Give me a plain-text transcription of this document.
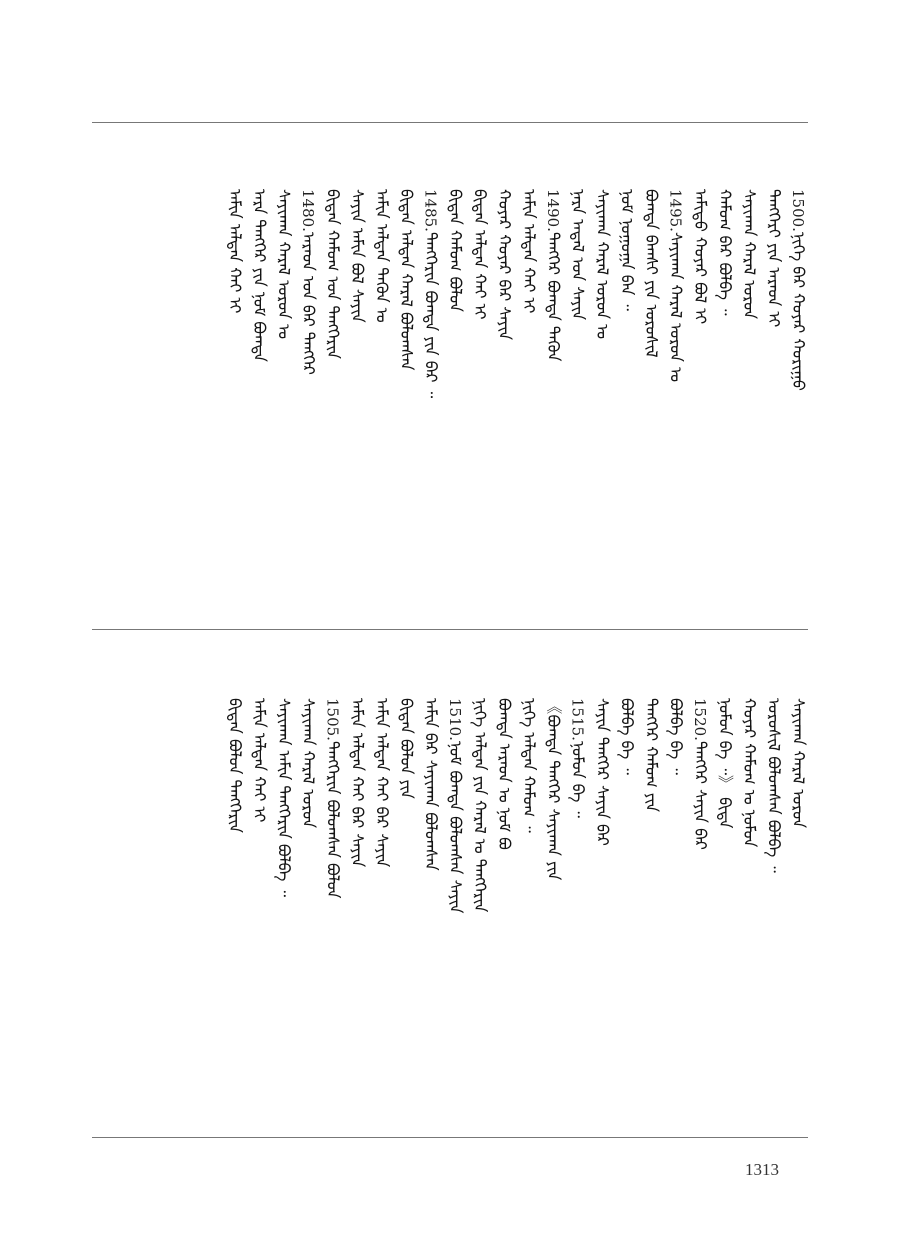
1500.ᠨᠢᠭᠡ ᠪᠡᠷ ᠬᠣᠶᠠᠷ ᠬᠣᠷᠢᠭᠤ
ᠲᠡᠩᠭᠡᠷᠢ ᠶᠢᠨ ᠠᠷᠠᠳ ᠢ
ᠰᠠᠶᠢᠬᠠᠨ ᠬᠠᠷᠠᠯ ᠣᠷᠣᠨ
ᠬᠠᠮᠤᠭ ᠪᠡᠷ ᠪᠣᠯᠪᠠ ᠃
ᠠᠮᠢᠳᠤ ᠬᠣᠶᠠᠷ ᠪᠣᠯ ᠢ
1495.ᠰᠠᠶᠢᠬᠠᠨ ᠬᠠᠷᠠᠯ ᠣᠷᠣᠨ ᠤ
ᠪᠣᠭᠳᠠ ᠪᠠᠭᠰᠢ ᠶᠢᠨ ᠣᠷᠣᠰᠢᠯ
ᠨᠣᠮ ᠨᠣᠭᠣᠭᠠ ᠪᠠᠨ ᠃
ᠰᠠᠶᠢᠬᠠᠨ ᠬᠠᠷᠠᠯ ᠣᠷᠣᠨ ᠤ
ᠨᠡᠷᠡ ᠠᠳᠠᠯ ᠤᠨ ᠰᠠᠶᠢᠨ
1490.ᠲᠡᠩᠭᠡᠷ ᠪᠣᠭᠳᠠ ᠲᠡᠭᠦᠨ
ᠠᠮᠢᠨ ᠠᠯᠳᠠᠨ ᠬᠠᠶ ᠢ
ᠬᠣᠶᠠᠷ ᠬᠣᠶᠠᠷ ᠪᠠᠷ ᠰᠠᠶᠢᠨ
ᠪᠢᠳᠡᠨ ᠠᠯᠳᠠᠨ ᠬᠠᠶ ᠢ
ᠪᠢᠳᠡᠨ ᠬᠠᠮᠤᠭ ᠪᠣᠯᠤᠨ
1485.ᠲᠡᠩᠭᠡᠷᠢᠨ ᠪᠣᠭᠳᠠ ᠶᠢᠨ ᠪᠡᠷ ᠃
ᠪᠢᠳᠡᠨ ᠠᠯᠳᠠᠨ ᠬᠠᠷᠠᠯ ᠪᠣᠯᠣᠭᠰᠠᠨ
ᠠᠮᠢᠨ ᠠᠯᠳᠠᠨ ᠲᠡᠭᠦᠨ ᠤ
ᠰᠠᠶᠢᠨ ᠠᠮᠢᠨ ᠪᠣᠯ ᠰᠠᠶᠢᠨ
ᠪᠢᠳᠡᠨ ᠬᠠᠮᠤᠭ ᠤᠨ ᠲᠡᠩᠭᠡᠷᠢᠨ
1480.ᠠᠷᠠᠳ ᠤᠨ ᠪᠡᠷ ᠲᠡᠩᠭᠡᠷ
ᠰᠠᠶᠢᠬᠠᠨ ᠬᠠᠷᠠᠯ ᠣᠷᠣᠨ ᠤ
ᠠᠷᠠ ᠲᠡᠩᠭᠡᠷ ᠶᠢᠨ ᠨᠣᠮ ᠪᠣᠭᠳᠠ
ᠠᠮᠢᠨ ᠠᠯᠳᠠᠨ ᠬᠠᠶ ᠢ
ᠰᠠᠶᠢᠬᠠᠨ ᠬᠠᠷᠠᠯ ᠣᠷᠣᠨ
ᠣᠷᠣᠰᠢᠯ ᠪᠣᠯᠣᠭᠰᠠᠨ ᠪᠣᠯᠪᠠ ᠃
ᠬᠣᠶᠠᠷ ᠬᠠᠮᠤᠭ ᠤ ᠨᠣᠮᠤᠨ
ᠨᠣᠮᠤᠨ ᠪᠠ ᠃》 ᠪᠢᠳᠡ
1520.ᠲᠡᠩᠭᠡᠷ ᠰᠠᠶᠢᠨ ᠪᠡᠷ
ᠪᠣᠯᠪᠠ ᠪᠠ ᠃
ᠲᠡᠩᠭᠡᠷ ᠬᠠᠮᠤᠭ ᠶᠢᠨ
ᠪᠣᠯᠪᠠ ᠪᠠ ᠃
ᠰᠠᠶᠢᠨ ᠲᠡᠩᠭᠡᠷ ᠰᠠᠶᠢᠨ ᠪᠡᠷ
1515.ᠨᠣᠮᠤᠨ ᠪᠠ ᠃
《ᠪᠣᠭᠳᠠ ᠲᠡᠩᠭᠡᠷ ᠰᠠᠶᠢᠬᠠᠨ ᠶᠢᠨ
ᠨᠢᠭᠡ ᠠᠯᠳᠠᠨ ᠬᠠᠮᠤᠭ ᠃
ᠪᠣᠭᠳᠠ ᠠᠷᠠᠳ ᠤ ᠨᠣᠮ ᠪᠣ
ᠨᠢᠭᠡ ᠠᠯᠳᠠᠨ ᠶᠢᠨ ᠬᠠᠷᠠᠯ ᠤ ᠲᠡᠩᠭᠡᠷᠢᠨ
1510.ᠨᠣᠮ ᠪᠣᠭᠳᠠ ᠪᠣᠯᠣᠭᠰᠠᠨ ᠰᠠᠶᠢᠨ
ᠠᠮᠢᠨ ᠪᠡᠷ ᠰᠠᠶᠢᠬᠠᠨ ᠪᠣᠯᠣᠭᠰᠠᠨ
ᠪᠢᠳᠡᠨ ᠪᠣᠯᠣᠨ ᠶᠢᠨ
ᠠᠮᠢᠨ ᠠᠯᠳᠠᠨ ᠬᠠᠶ ᠪᠡᠷ ᠰᠠᠶᠢᠨ
ᠠᠮᠢᠨ ᠠᠯᠳᠠᠨ ᠬᠠᠶ ᠪᠡᠷ ᠰᠠᠶᠢᠨ
1505.ᠲᠡᠩᠭᠡᠷᠢᠨ ᠪᠣᠯᠣᠭᠰᠠᠨ ᠪᠣᠯᠣᠨ
ᠰᠠᠶᠢᠬᠠᠨ ᠬᠠᠷᠠᠯ ᠣᠷᠣᠨ
ᠰᠠᠶᠢᠬᠠᠨ ᠠᠮᠢᠨ ᠲᠡᠩᠭᠡᠷᠢᠨ ᠪᠣᠯᠪᠠ ᠃
ᠠᠮᠢᠨ ᠠᠯᠳᠠᠨ ᠬᠠᠶ ᠢ
ᠪᠢᠳᠡᠨ ᠪᠣᠯᠣᠨ ᠲᠡᠩᠭᠡᠷᠢᠨ
1313
